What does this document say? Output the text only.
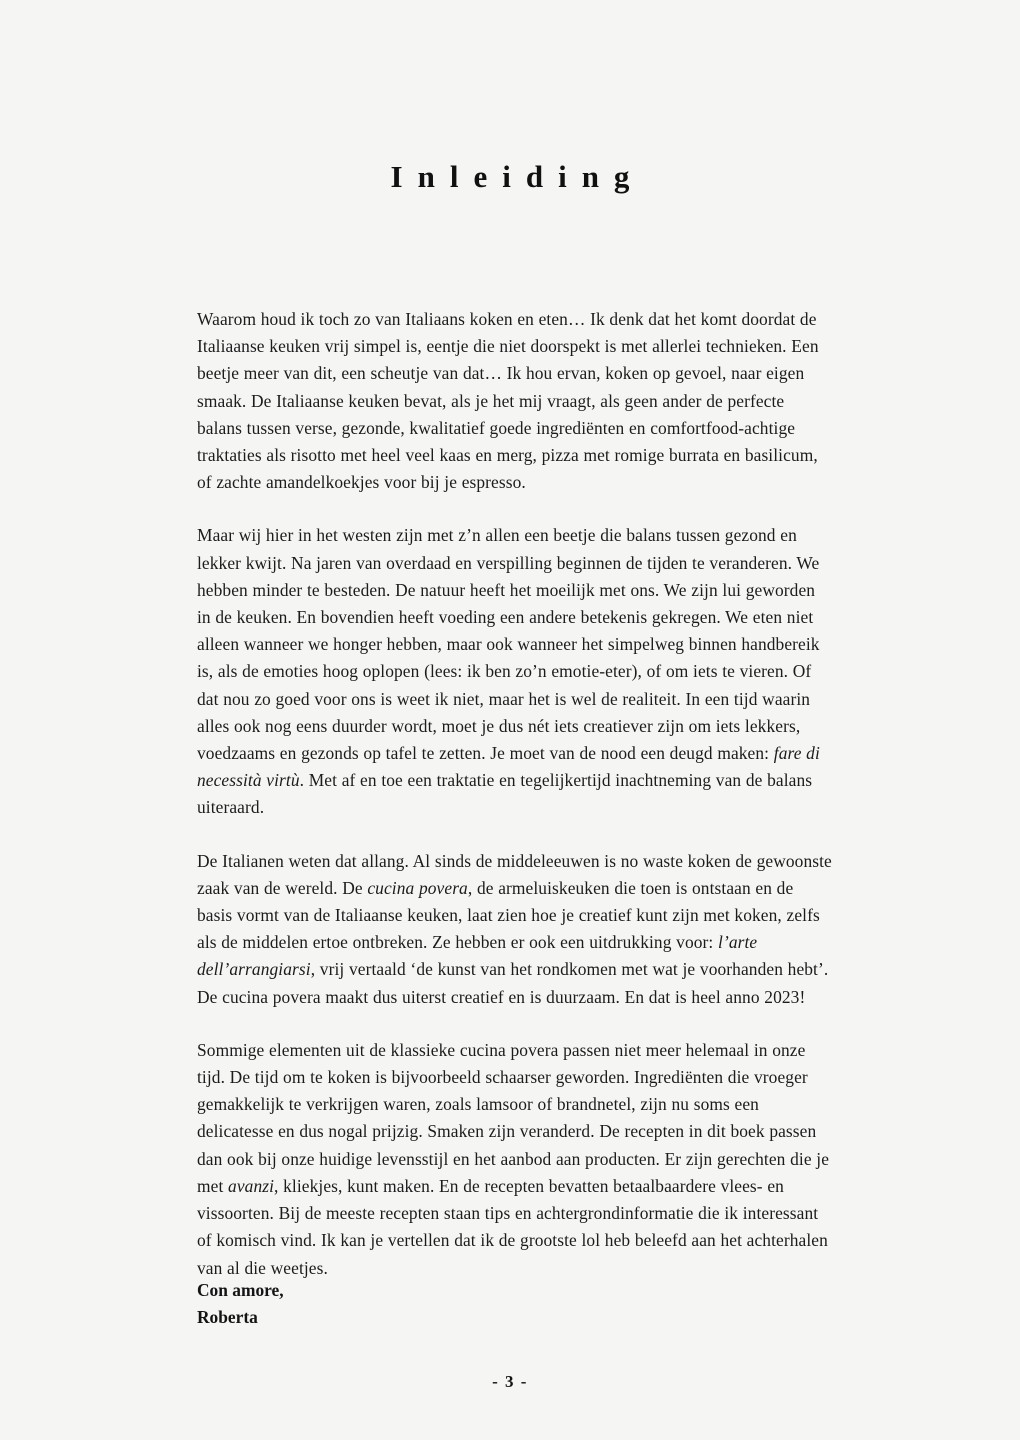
Inleiding

Waarom houd ik toch zo van Italiaans koken en eten… Ik denk dat het komt doordat de Italiaanse keuken vrij simpel is, eentje die niet doorspekt is met allerlei technieken. Een beetje meer van dit, een scheutje van dat… Ik hou ervan, koken op gevoel, naar eigen smaak. De Italiaanse keuken bevat, als je het mij vraagt, als geen ander de perfecte balans tussen verse, gezonde, kwalitatief goede ingrediënten en comfortfood-achtige traktaties als risotto met heel veel kaas en merg, pizza met romige burrata en basilicum, of zachte amandelkoekjes voor bij je espresso.

Maar wij hier in het westen zijn met z’n allen een beetje die balans tussen gezond en lekker kwijt. Na jaren van overdaad en verspilling beginnen de tijden te veranderen. We hebben minder te besteden. De natuur heeft het moeilijk met ons. We zijn lui geworden in de keuken. En bovendien heeft voeding een andere betekenis gekregen. We eten niet alleen wanneer we honger hebben, maar ook wanneer het simpelweg binnen handbereik is, als de emoties hoog oplopen (lees: ik ben zo’n emotie-eter), of om iets te vieren. Of dat nou zo goed voor ons is weet ik niet, maar het is wel de realiteit. In een tijd waarin alles ook nog eens duurder wordt, moet je dus nét iets creatiever zijn om iets lekkers, voedzaams en gezonds op tafel te zetten. Je moet van de nood een deugd maken: fare di necessità virtù. Met af en toe een traktatie en tegelijkertijd inachtneming van de balans uiteraard.

De Italianen weten dat allang. Al sinds de middeleeuwen is no waste koken de gewoonste zaak van de wereld. De cucina povera, de armeluiskeuken die toen is ontstaan en de basis vormt van de Italiaanse keuken, laat zien hoe je creatief kunt zijn met koken, zelfs als de middelen ertoe ontbreken. Ze hebben er ook een uitdrukking voor: l’arte dell’arrangiarsi, vrij vertaald ‘de kunst van het rondkomen met wat je voorhanden hebt’. De cucina povera maakt dus uiterst creatief en is duurzaam. En dat is heel anno 2023!

Sommige elementen uit de klassieke cucina povera passen niet meer helemaal in onze tijd. De tijd om te koken is bijvoorbeeld schaarser geworden. Ingrediënten die vroeger gemakkelijk te verkrijgen waren, zoals lamsoor of brandnetel, zijn nu soms een delicatesse en dus nogal prijzig. Smaken zijn veranderd. De recepten in dit boek passen dan ook bij onze huidige levensstijl en het aanbod aan producten. Er zijn gerechten die je met avanzi, kliekjes, kunt maken. En de recepten bevatten betaalbaardere vlees- en vissoorten. Bij de meeste recepten staan tips en achtergrondinformatie die ik interessant of komisch vind. Ik kan je vertellen dat ik de grootste lol heb beleefd aan het achterhalen van al die weetjes.

Con amore,
Roberta
- 3 -
